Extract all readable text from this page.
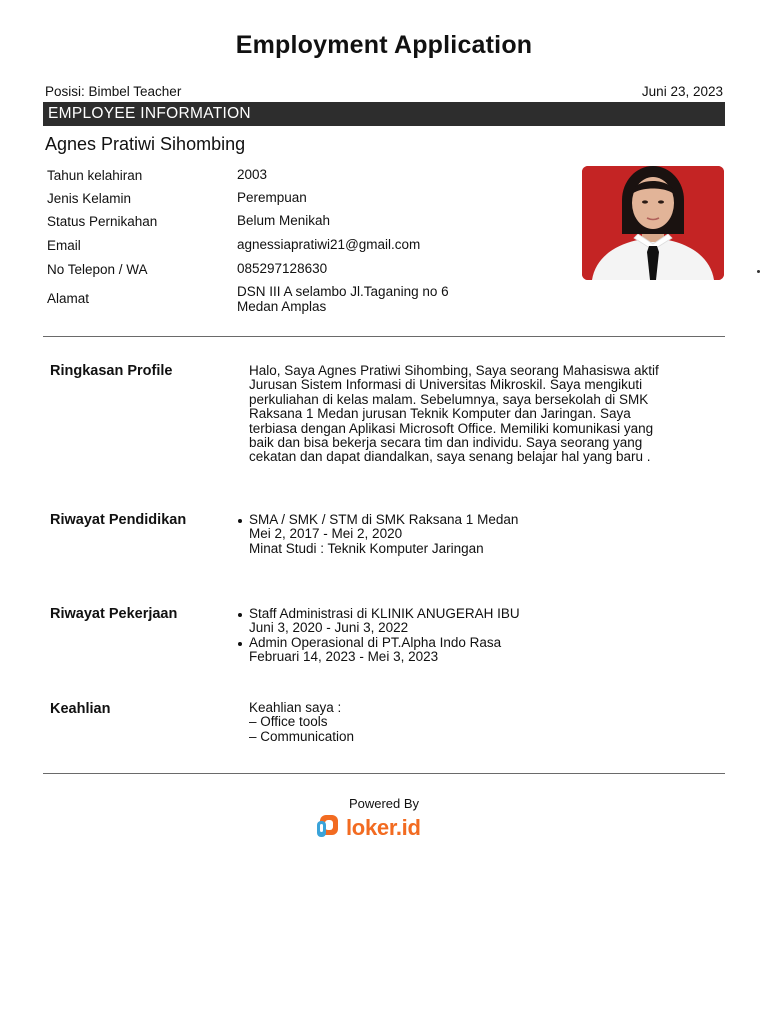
Employment Application
Posisi: Bimbel Teacher	Juni 23, 2023
EMPLOYEE INFORMATION
Agnes Pratiwi Sihombing
Tahun kelahiran	2003
Jenis Kelamin	Perempuan
Status Pernikahan	Belum Menikah
Email	agnessiapratiwi21@gmail.com
No Telepon / WA	085297128630
Alamat	DSN III A selambo Jl.Taganing no 6
Medan Amplas
Ringkasan Profile	Halo, Saya Agnes Pratiwi Sihombing, Saya seorang Mahasiswa aktif
Jurusan Sistem Informasi di Universitas Mikroskil. Saya mengikuti
perkuliahan di kelas malam. Sebelumnya, saya bersekolah di SMK
Raksana 1 Medan jurusan Teknik Komputer dan Jaringan. Saya
terbiasa dengan Aplikasi Microsoft Office. Memiliki komunikasi yang
baik dan bisa bekerja secara tim dan individu. Saya seorang yang
cekatan dan dapat diandalkan, saya senang belajar hal yang baru .
Riwayat Pendidikan	SMA / SMK / STM di SMK Raksana 1 Medan
Mei 2, 2017 - Mei 2, 2020
Minat Studi : Teknik Komputer Jaringan
Riwayat Pekerjaan	Staff Administrasi di KLINIK ANUGERAH IBU
Juni 3, 2020 - Juni 3, 2022
Admin Operasional di PT.Alpha Indo Rasa
Februari 14, 2023 - Mei 3, 2023
Keahlian	Keahlian saya :
– Office tools
– Communication
Powered By
loker.id
